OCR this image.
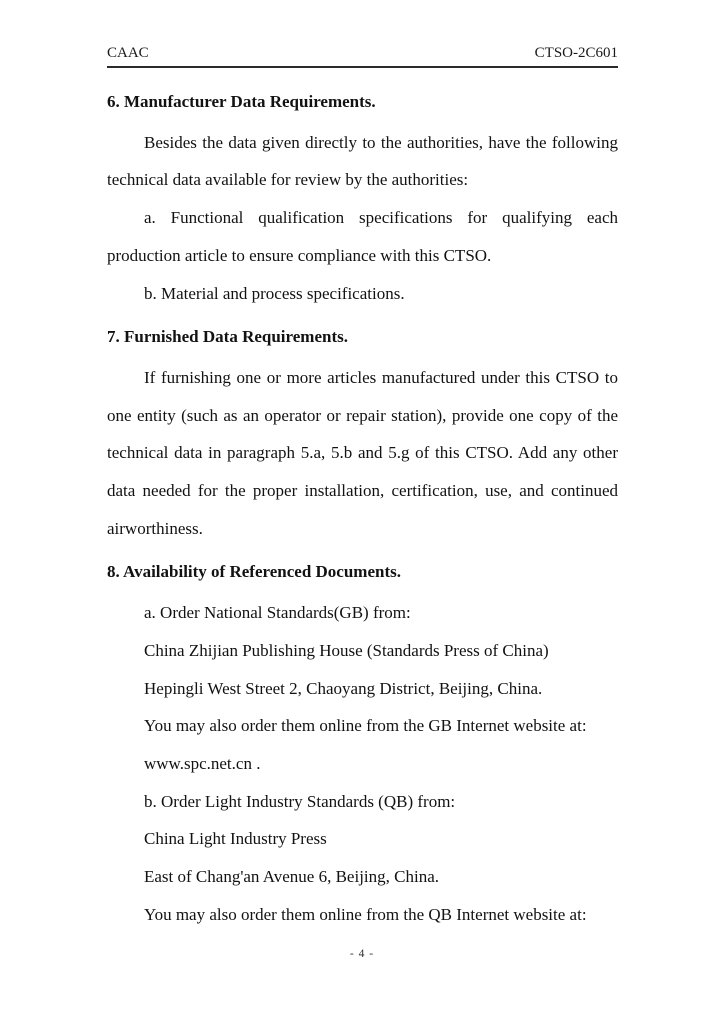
CAAC	CTSO-2C601
6. Manufacturer Data Requirements.

Besides the data given directly to the authorities, have the following technical data available for review by the authorities:

a. Functional qualification specifications for qualifying each production article to ensure compliance with this CTSO.

b. Material and process specifications.

7. Furnished Data Requirements.

If furnishing one or more articles manufactured under this CTSO to one entity (such as an operator or repair station), provide one copy of the technical data in paragraph 5.a, 5.b and 5.g of this CTSO. Add any other data needed for the proper installation, certification, use, and continued airworthiness.

8. Availability of Referenced Documents.

a. Order National Standards(GB) from:

China Zhijian Publishing House (Standards Press of China)

Hepingli West Street 2, Chaoyang District, Beijing, China.

You may also order them online from the GB Internet website at:

www.spc.net.cn .

b. Order Light Industry Standards (QB) from:

China Light Industry Press

East of Chang'an Avenue 6, Beijing, China.

You may also order them online from the QB Internet website at:

- 4 -
